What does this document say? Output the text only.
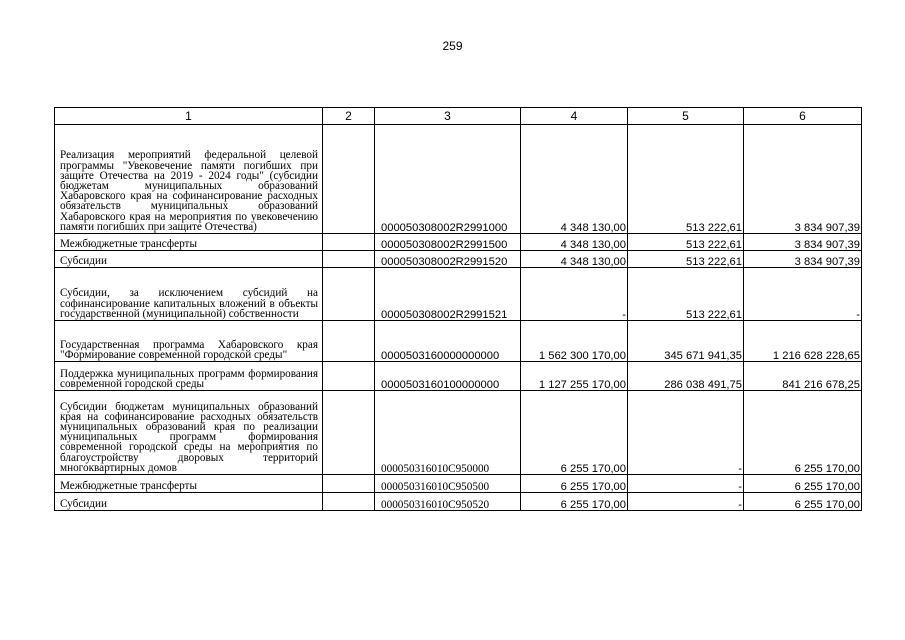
259
1	2	3	4	5	6
Реализация мероприятий федеральной целевой программы "Увековечение памяти погибших при защите Отечества на 2019 - 2024 годы" (субсидии бюджетам муниципальных образований Хабаровского края на софинансирование расходных обязательств муниципальных образований Хабаровского края на мероприятия по увековечению памяти погибших при защите Отечества)		000050308002R2991000	4 348 130,00	513 222,61	3 834 907,39
Межбюджетные трансферты		000050308002R2991500	4 348 130,00	513 222,61	3 834 907,39
Субсидии		000050308002R2991520	4 348 130,00	513 222,61	3 834 907,39
Субсидии, за исключением субсидий на софинансирование капитальных вложений в объекты государственной (муниципальной) собственности		000050308002R2991521	-	513 222,61	-
Государственная программа Хабаровского края "Формирование современной городской среды"		0000503160000000000	1 562 300 170,00	345 671 941,35	1 216 628 228,65
Поддержка муниципальных программ формирования современной городской среды		0000503160100000000	1 127 255 170,00	286 038 491,75	841 216 678,25
Субсидии бюджетам муниципальных образований края на софинансирование расходных обязательств муниципальных образований края по реализации муниципальных программ формирования современной городской среды на мероприятия по благоустройству дворовых территорий многоквартирных домов		000050316010C950000	6 255 170,00	-	6 255 170,00
Межбюджетные трансферты		000050316010C950500	6 255 170,00	-	6 255 170,00
Субсидии		000050316010C950520	6 255 170,00	-	6 255 170,00
